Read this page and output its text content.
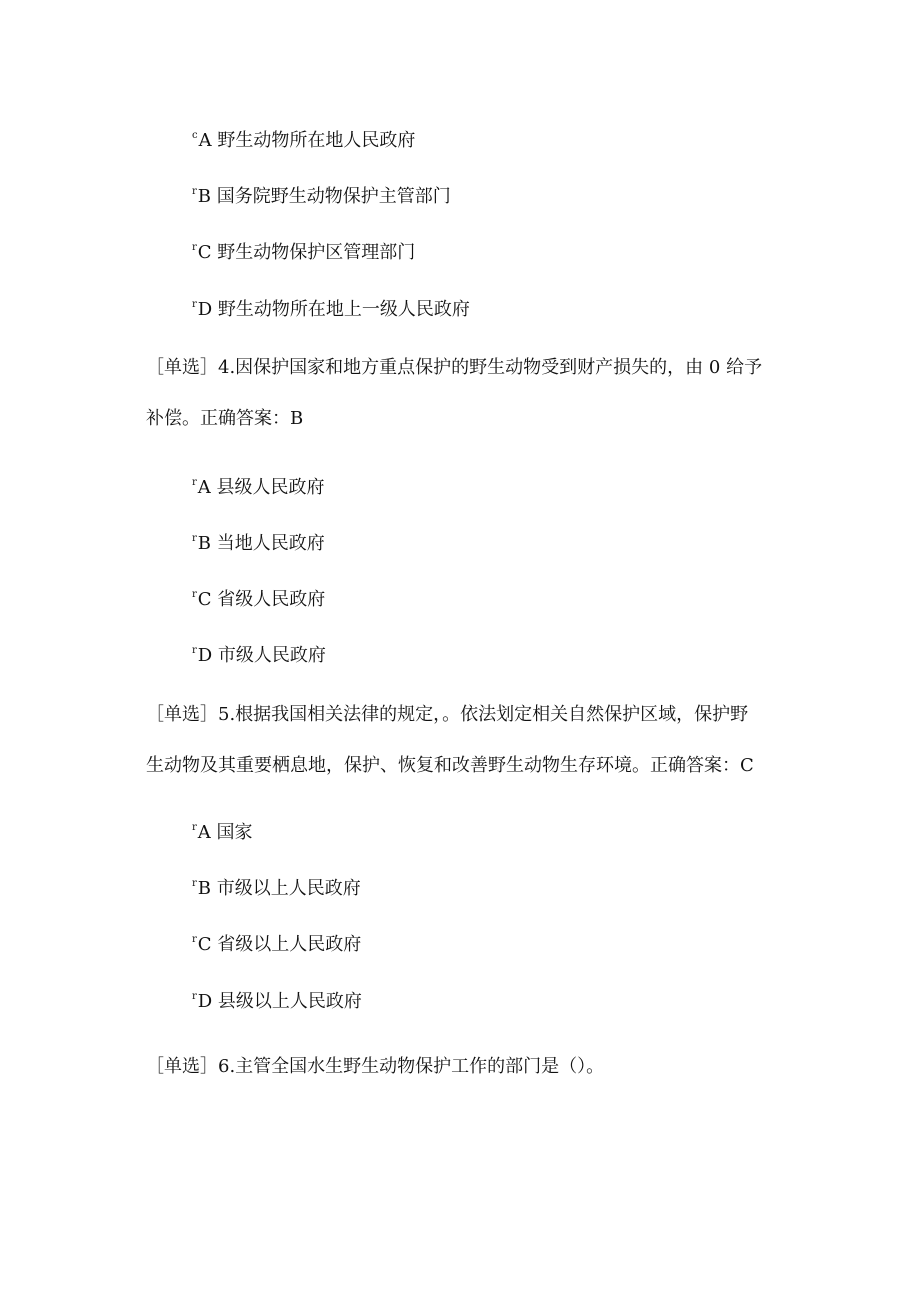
$^c$A 野生动物所在地人民政府
$^r$B 国务院野生动物保护主管部门
$^r$C 野生动物保护区管理部门
$^r$D 野生动物所在地上一级人民政府
［单选］4.因保护国家和地方重点保护的野生动物受到财产损失的，由 0 给予
补偿。正确答案：B
$^r$A 县级人民政府
$^r$B 当地人民政府
$^r$C 省级人民政府
$^r$D 市级人民政府
［单选］5.根据我国相关法律的规定，。依法划定相关自然保护区域，保护野
生动物及其重要栖息地，保护、恢复和改善野生动物生存环境。正确答案：C
$^r$A 国家
$^r$B 市级以上人民政府
$^r$C 省级以上人民政府
$^r$D 县级以上人民政府
［单选］6.主管全国水生野生动物保护工作的部门是（）。
